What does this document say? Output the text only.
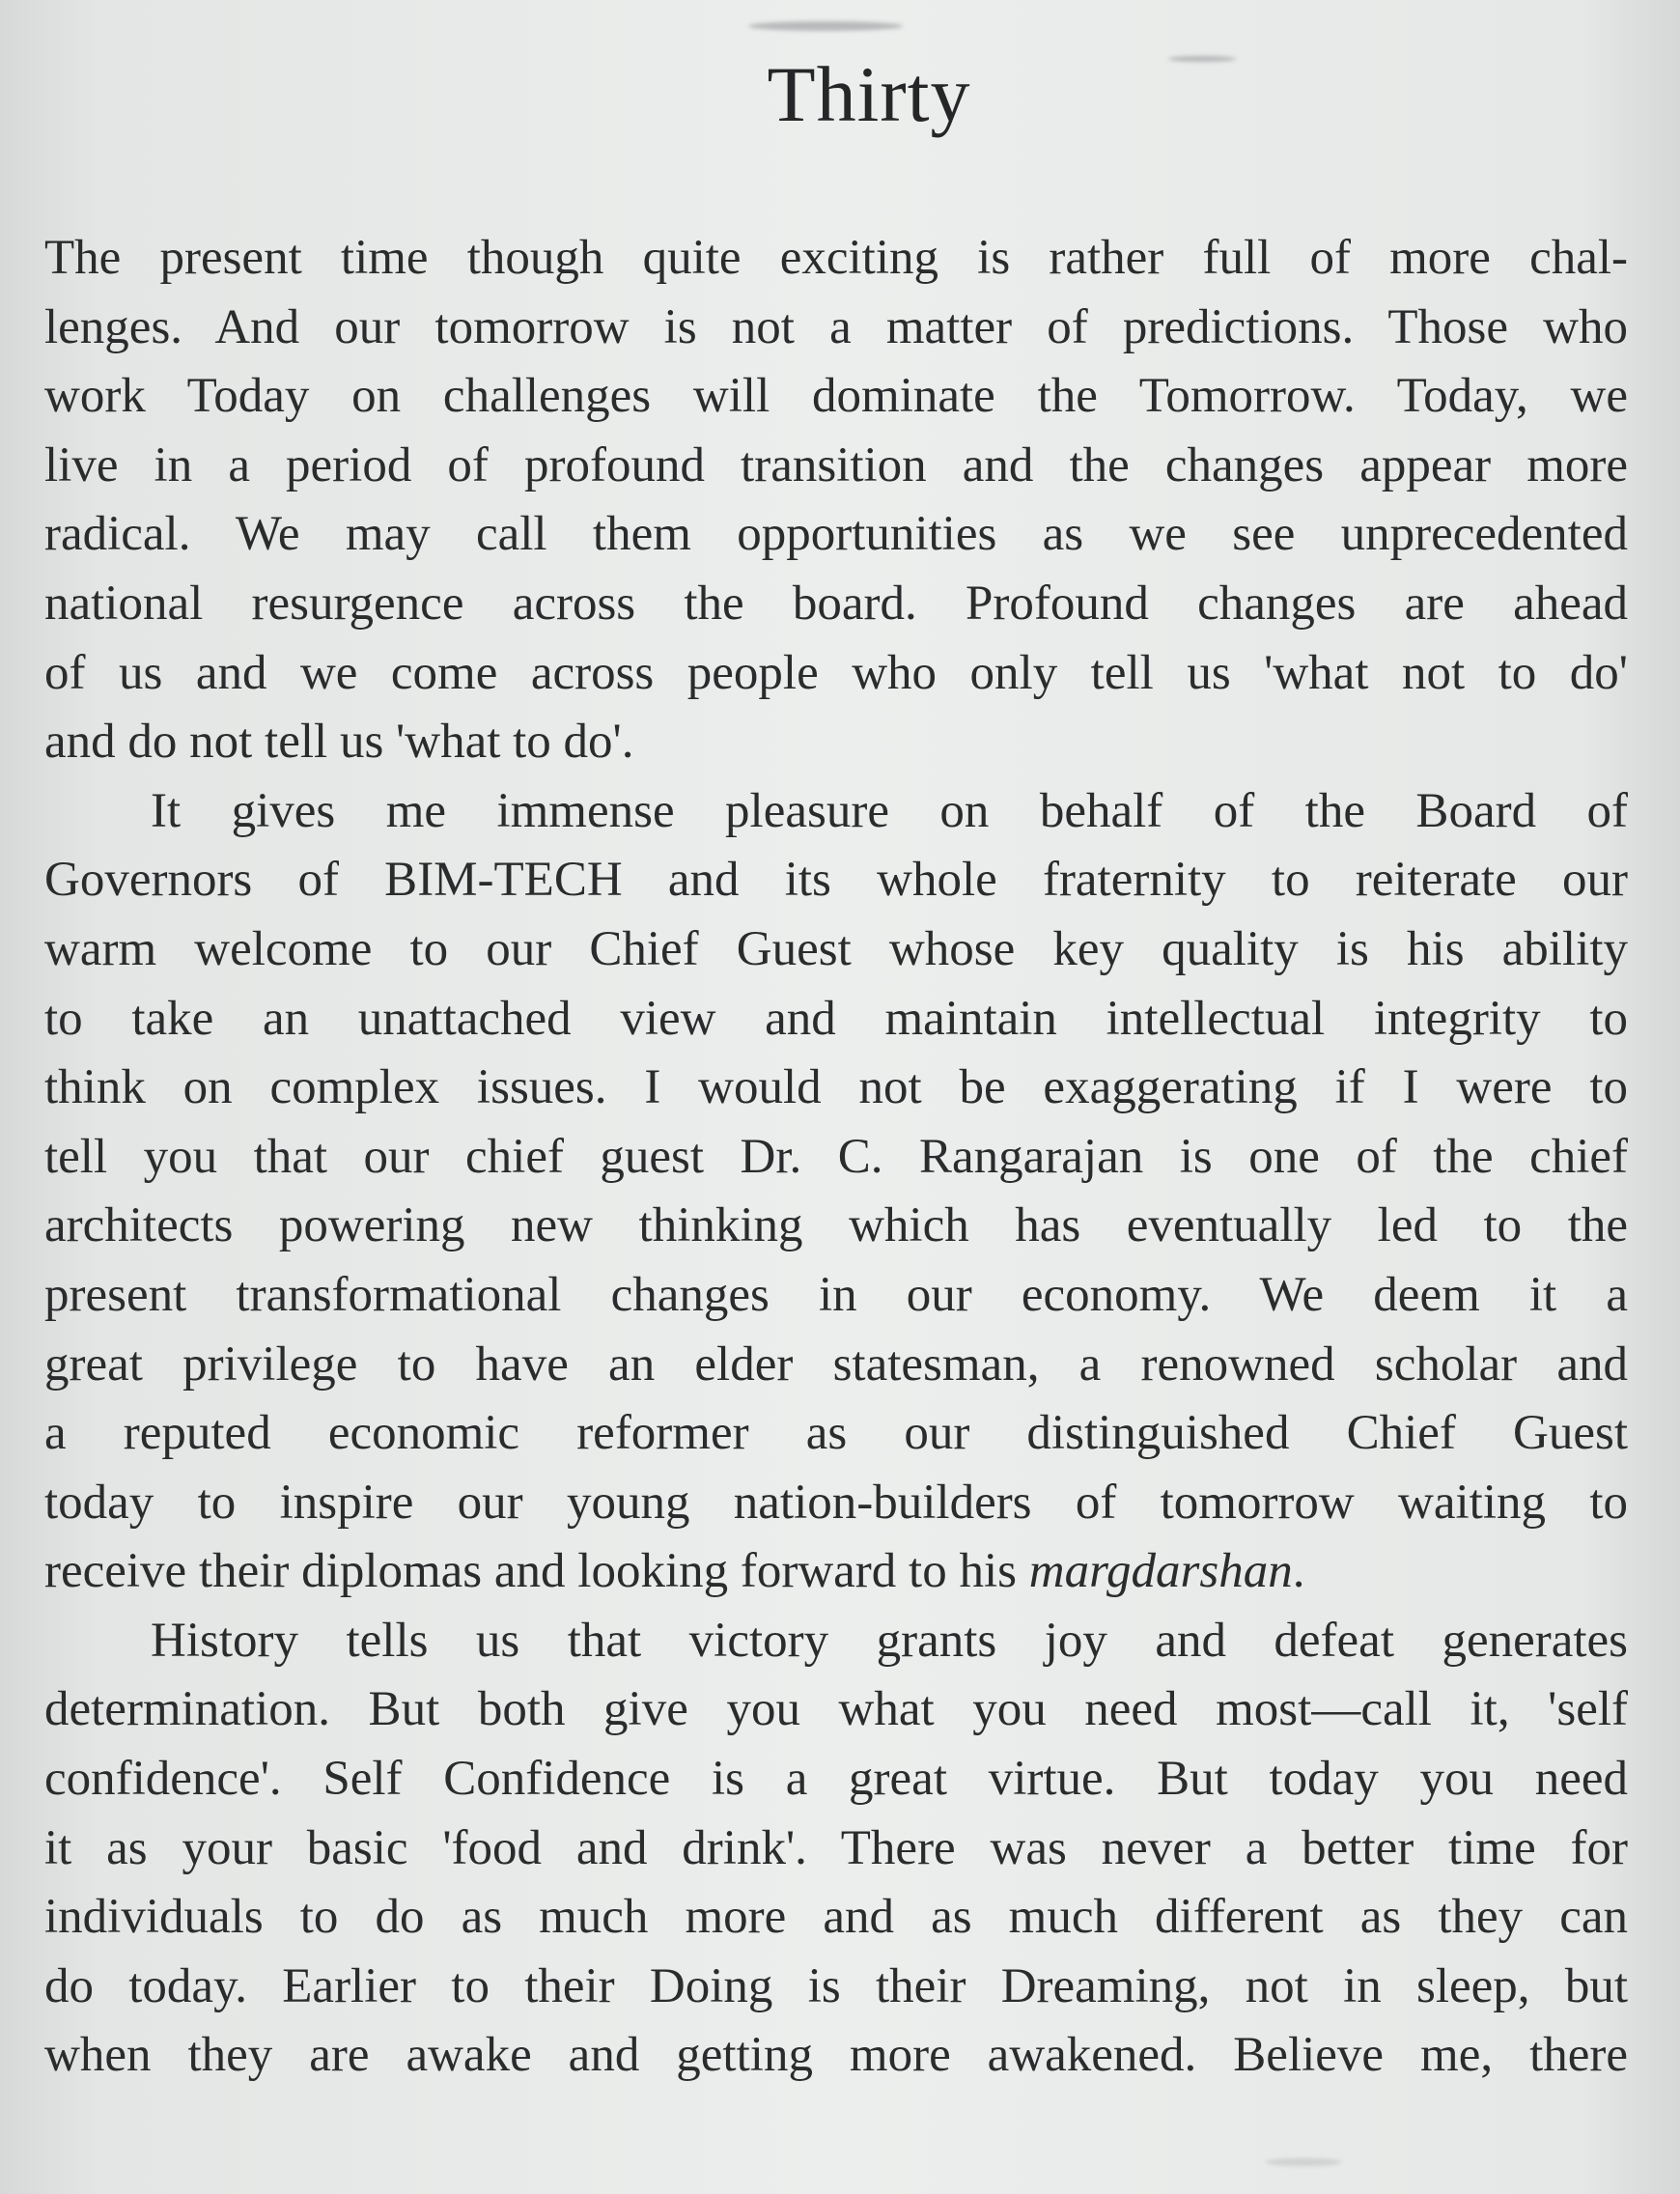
Thirty

The present time though quite exciting is rather full of more chal-
lenges. And our tomorrow is not a matter of predictions. Those who
work Today on challenges will dominate the Tomorrow. Today, we
live in a period of profound transition and the changes appear more
radical. We may call them opportunities as we see unprecedented
national resurgence across the board. Profound changes are ahead
of us and we come across people who only tell us 'what not to do'
and do not tell us 'what to do'.

It gives me immense pleasure on behalf of the Board of
Governors of BIM-TECH and its whole fraternity to reiterate our
warm welcome to our Chief Guest whose key quality is his ability
to take an unattached view and maintain intellectual integrity to
think on complex issues. I would not be exaggerating if I were to
tell you that our chief guest Dr. C. Rangarajan is one of the chief
architects powering new thinking which has eventually led to the
present transformational changes in our economy. We deem it a
great privilege to have an elder statesman, a renowned scholar and
a reputed economic reformer as our distinguished Chief Guest
today to inspire our young nation-builders of tomorrow waiting to
receive their diplomas and looking forward to his margdarshan.

History tells us that victory grants joy and defeat generates
determination. But both give you what you need most—call it, 'self
confidence'. Self Confidence is a great virtue. But today you need
it as your basic 'food and drink'. There was never a better time for
individuals to do as much more and as much different as they can
do today. Earlier to their Doing is their Dreaming, not in sleep, but
when they are awake and getting more awakened. Believe me, there
